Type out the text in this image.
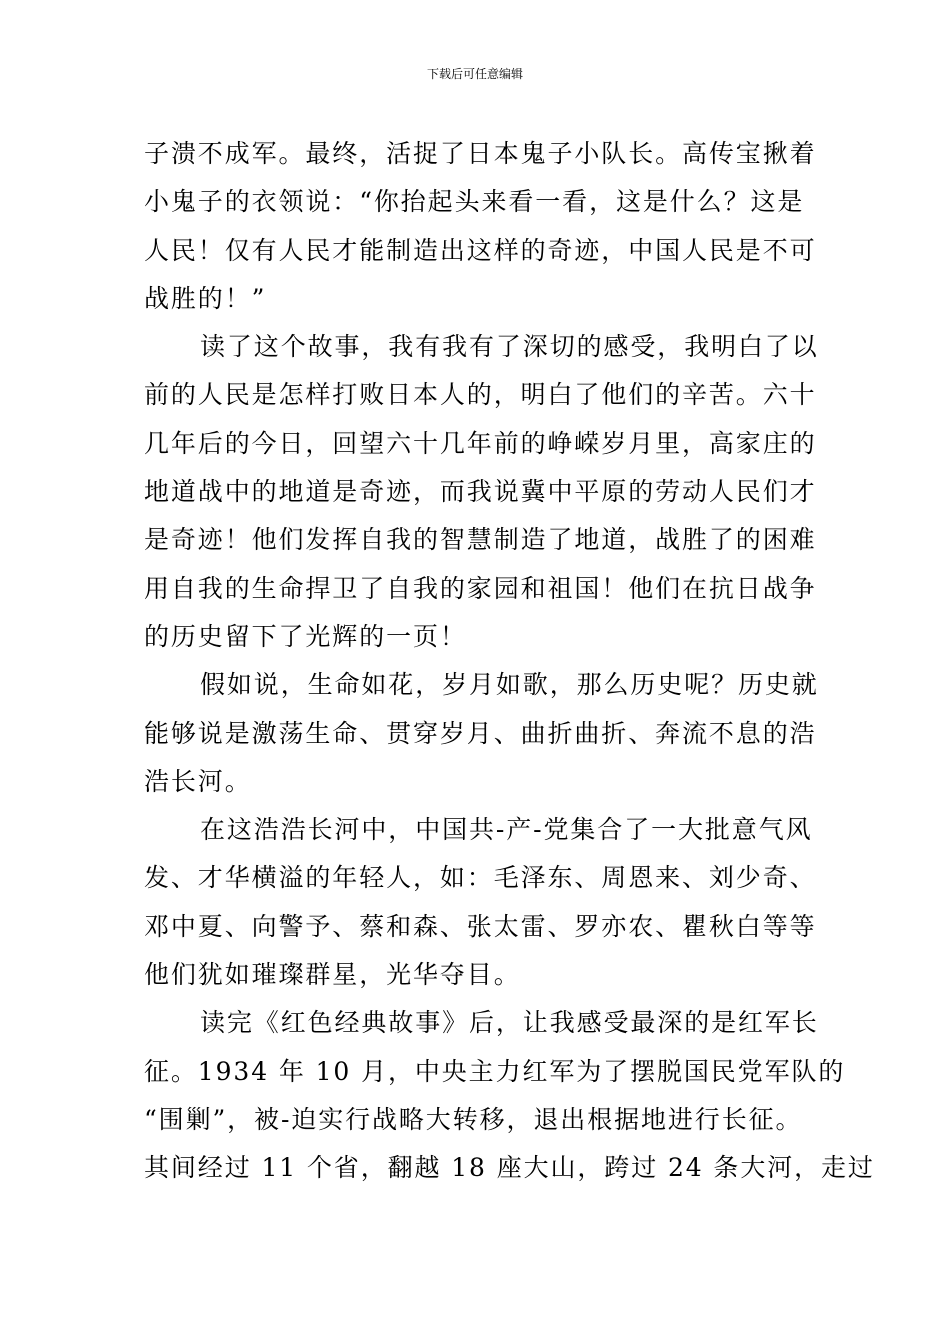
下载后可任意编辑
子溃不成军。最终，活捉了日本鬼子小队长。高传宝揪着
小鬼子的衣领说：“你抬起头来看一看，这是什么？这是
人民！仅有人民才能制造出这样的奇迹，中国人民是不可
战胜的！”
读了这个故事，我有我有了深切的感受，我明白了以
前的人民是怎样打败日本人的，明白了他们的辛苦。六十
几年后的今日，回望六十几年前的峥嵘岁月里，高家庄的
地道战中的地道是奇迹，而我说冀中平原的劳动人民们才
是奇迹！他们发挥自我的智慧制造了地道，战胜了的困难
用自我的生命捍卫了自我的家园和祖国！他们在抗日战争
的历史留下了光辉的一页！
假如说，生命如花，岁月如歌，那么历史呢？历史就
能够说是激荡生命、贯穿岁月、曲折曲折、奔流不息的浩
浩长河。
在这浩浩长河中，中国共-产-党集合了一大批意气风
发、才华横溢的年轻人，如：毛泽东、周恩来、刘少奇、
邓中夏、向警予、蔡和森、张太雷、罗亦农、瞿秋白等等
他们犹如璀璨群星，光华夺目。
读完《红色经典故事》后，让我感受最深的是红军长
征。1934 年 10 月，中央主力红军为了摆脱国民党军队的
“围剿”，被-迫实行战略大转移，退出根据地进行长征。
其间经过 11 个省，翻越 18 座大山，跨过 24 条大河，走过
